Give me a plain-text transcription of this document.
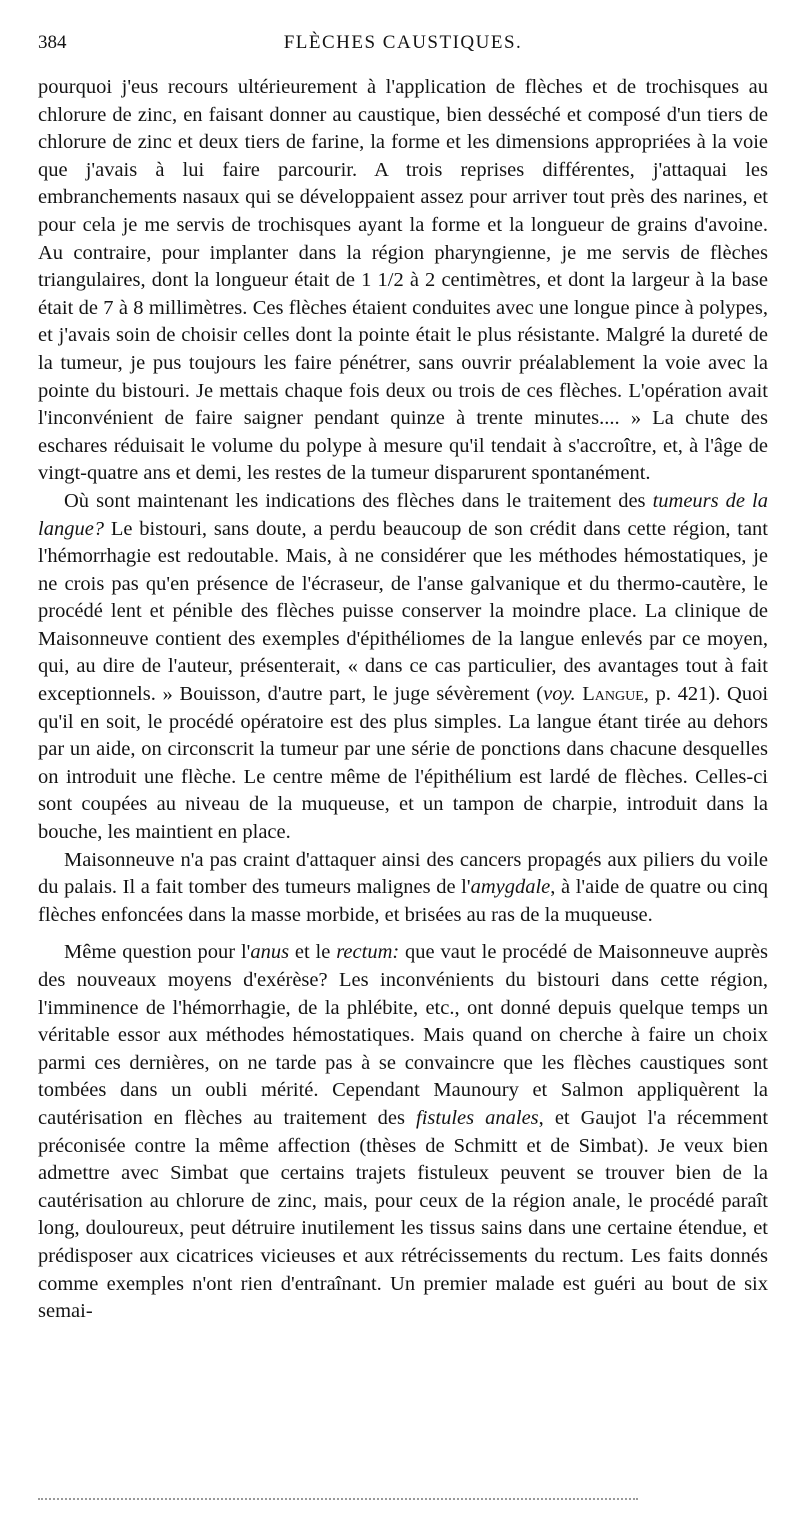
384	FLÈCHES CAUSTIQUES.

pourquoi j'eus recours ultérieurement à l'application de flèches et de trochisques au chlorure de zinc, en faisant donner au caustique, bien desséché et composé d'un tiers de chlorure de zinc et deux tiers de farine, la forme et les dimensions appropriées à la voie que j'avais à lui faire parcourir. A trois reprises différentes, j'attaquai les embranchements nasaux qui se développaient assez pour arriver tout près des narines, et pour cela je me servis de trochisques ayant la forme et la longueur de grains d'avoine. Au contraire, pour implanter dans la région pharyngienne, je me servis de flèches triangulaires, dont la longueur était de 1 1/2 à 2 centimètres, et dont la largeur à la base était de 7 à 8 millimètres. Ces flèches étaient conduites avec une longue pince à polypes, et j'avais soin de choisir celles dont la pointe était le plus résistante. Malgré la dureté de la tumeur, je pus toujours les faire pénétrer, sans ouvrir préalablement la voie avec la pointe du bistouri. Je mettais chaque fois deux ou trois de ces flèches. L'opération avait l'inconvénient de faire saigner pendant quinze à trente minutes.... » La chute des eschares réduisait le volume du polype à mesure qu'il tendait à s'accroître, et, à l'âge de vingt-quatre ans et demi, les restes de la tumeur disparurent spontanément.

Où sont maintenant les indications des flèches dans le traitement des tumeurs de la langue? Le bistouri, sans doute, a perdu beaucoup de son crédit dans cette région, tant l'hémorrhagie est redoutable. Mais, à ne considérer que les méthodes hémostatiques, je ne crois pas qu'en présence de l'écraseur, de l'anse galvanique et du thermo-cautère, le procédé lent et pénible des flèches puisse conserver la moindre place. La clinique de Maisonneuve contient des exemples d'épithéliomes de la langue enlevés par ce moyen, qui, au dire de l'auteur, présenterait, « dans ce cas particulier, des avantages tout à fait exceptionnels. » Bouisson, d'autre part, le juge sévèrement (voy. Langue, p. 421). Quoi qu'il en soit, le procédé opératoire est des plus simples. La langue étant tirée au dehors par un aide, on circonscrit la tumeur par une série de ponctions dans chacune desquelles on introduit une flèche. Le centre même de l'épithélium est lardé de flèches. Celles-ci sont coupées au niveau de la muqueuse, et un tampon de charpie, introduit dans la bouche, les maintient en place.

Maisonneuve n'a pas craint d'attaquer ainsi des cancers propagés aux piliers du voile du palais. Il a fait tomber des tumeurs malignes de l'amygdale, à l'aide de quatre ou cinq flèches enfoncées dans la masse morbide, et brisées au ras de la muqueuse.

Même question pour l'anus et le rectum: que vaut le procédé de Maisonneuve auprès des nouveaux moyens d'exérèse? Les inconvénients du bistouri dans cette région, l'imminence de l'hémorrhagie, de la phlébite, etc., ont donné depuis quelque temps un véritable essor aux méthodes hémostatiques. Mais quand on cherche à faire un choix parmi ces dernières, on ne tarde pas à se convaincre que les flèches caustiques sont tombées dans un oubli mérité. Cependant Maunoury et Salmon appliquèrent la cautérisation en flèches au traitement des fistules anales, et Gaujot l'a récemment préconisée contre la même affection (thèses de Schmitt et de Simbat). Je veux bien admettre avec Simbat que certains trajets fistuleux peuvent se trouver bien de la cautérisation au chlorure de zinc, mais, pour ceux de la région anale, le procédé paraît long, douloureux, peut détruire inutilement les tissus sains dans une certaine étendue, et prédisposer aux cicatrices vicieuses et aux rétrécissements du rectum. Les faits donnés comme exemples n'ont rien d'entraînant. Un premier malade est guéri au bout de six semai-
